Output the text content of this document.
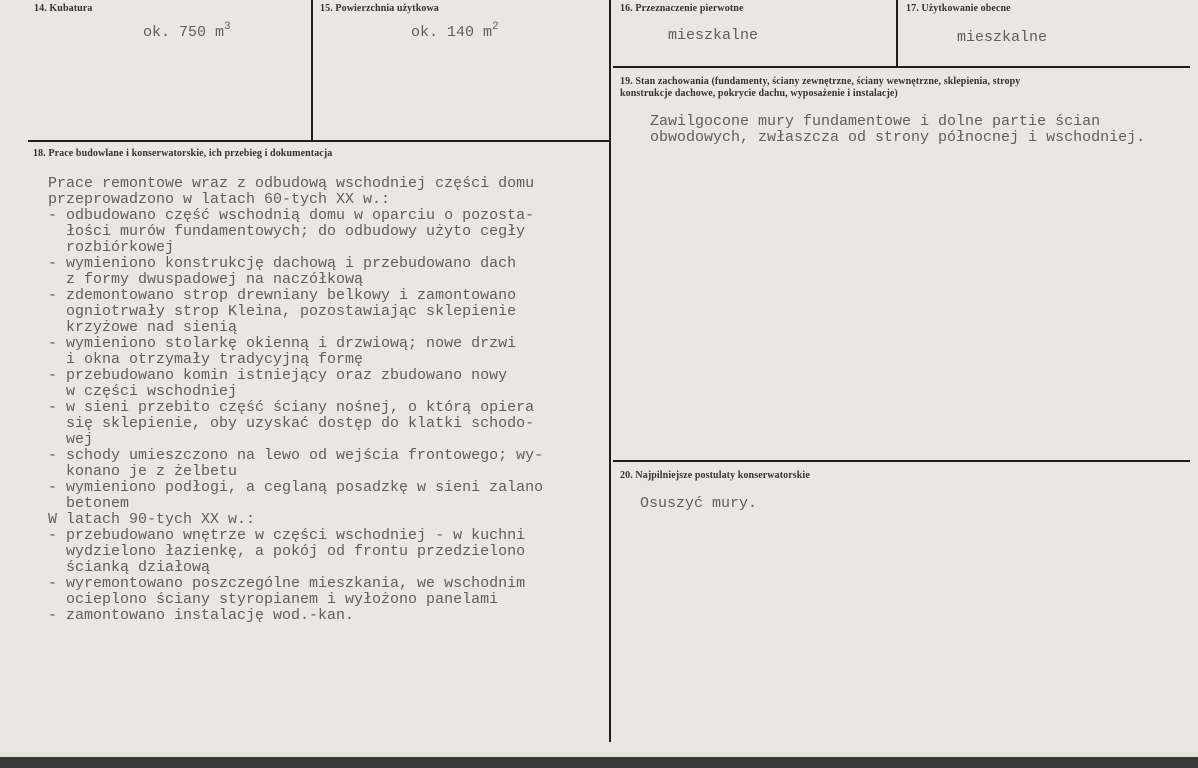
14. Kubatura
ok. 750 $m^3$
15. Powierzchnia użytkowa
ok. 140 $m^2$
16. Przeznaczenie pierwotne
mieszkalne
17. Użytkowanie obecne
mieszkalne
18. Prace budowlane i konserwatorskie, ich przebieg i dokumentacja
Prace remontowe wraz z odbudową wschodniej części domu
przeprowadzono w latach 60-tych XX w.:
- odbudowano część wschodnią domu w oparciu o pozosta-
łości murów fundamentowych; do odbudowy użyto cegły
rozbiórkowej
- wymieniono konstrukcję dachową i przebudowano dach
z formy dwuspadowej na naczółkową
- zdemontowano strop drewniany belkowy i zamontowano
ogniotrwały strop Kleina, pozostawiając sklepienie
krzyżowe nad sienią
- wymieniono stolarkę okienną i drzwiową; nowe drzwi
i okna otrzymały tradycyjną formę
- przebudowano komin istniejący oraz zbudowano nowy
w części wschodniej
- w sieni przebito część ściany nośnej, o którą opiera
się sklepienie, oby uzyskać dostęp do klatki schodo-
wej
- schody umieszczono na lewo od wejścia frontowego; wy-
konano je z żelbetu
- wymieniono podłogi, a ceglaną posadzkę w sieni zalano
betonem
W latach 90-tych XX w.:
- przebudowano wnętrze w części wschodniej - w kuchni
wydzielono łazienkę, a pokój od frontu przedzielono
ścianką działową
- wyremontowano poszczególne mieszkania, we wschodnim
ocieplono ściany styropianem i wyłożono panelami
- zamontowano instalację wod.-kan.
19. Stan zachowania (fundamenty, ściany zewnętrzne, ściany wewnętrzne, sklepienia, stropy
konstrukcje dachowe, pokrycie dachu, wyposażenie i instalacje)
Zawilgocone mury fundamentowe i dolne partie ścian
obwodowych, zwłaszcza od strony północnej i wschodniej.
20. Najpilniejsze postulaty konserwatorskie
Osuszyć mury.
